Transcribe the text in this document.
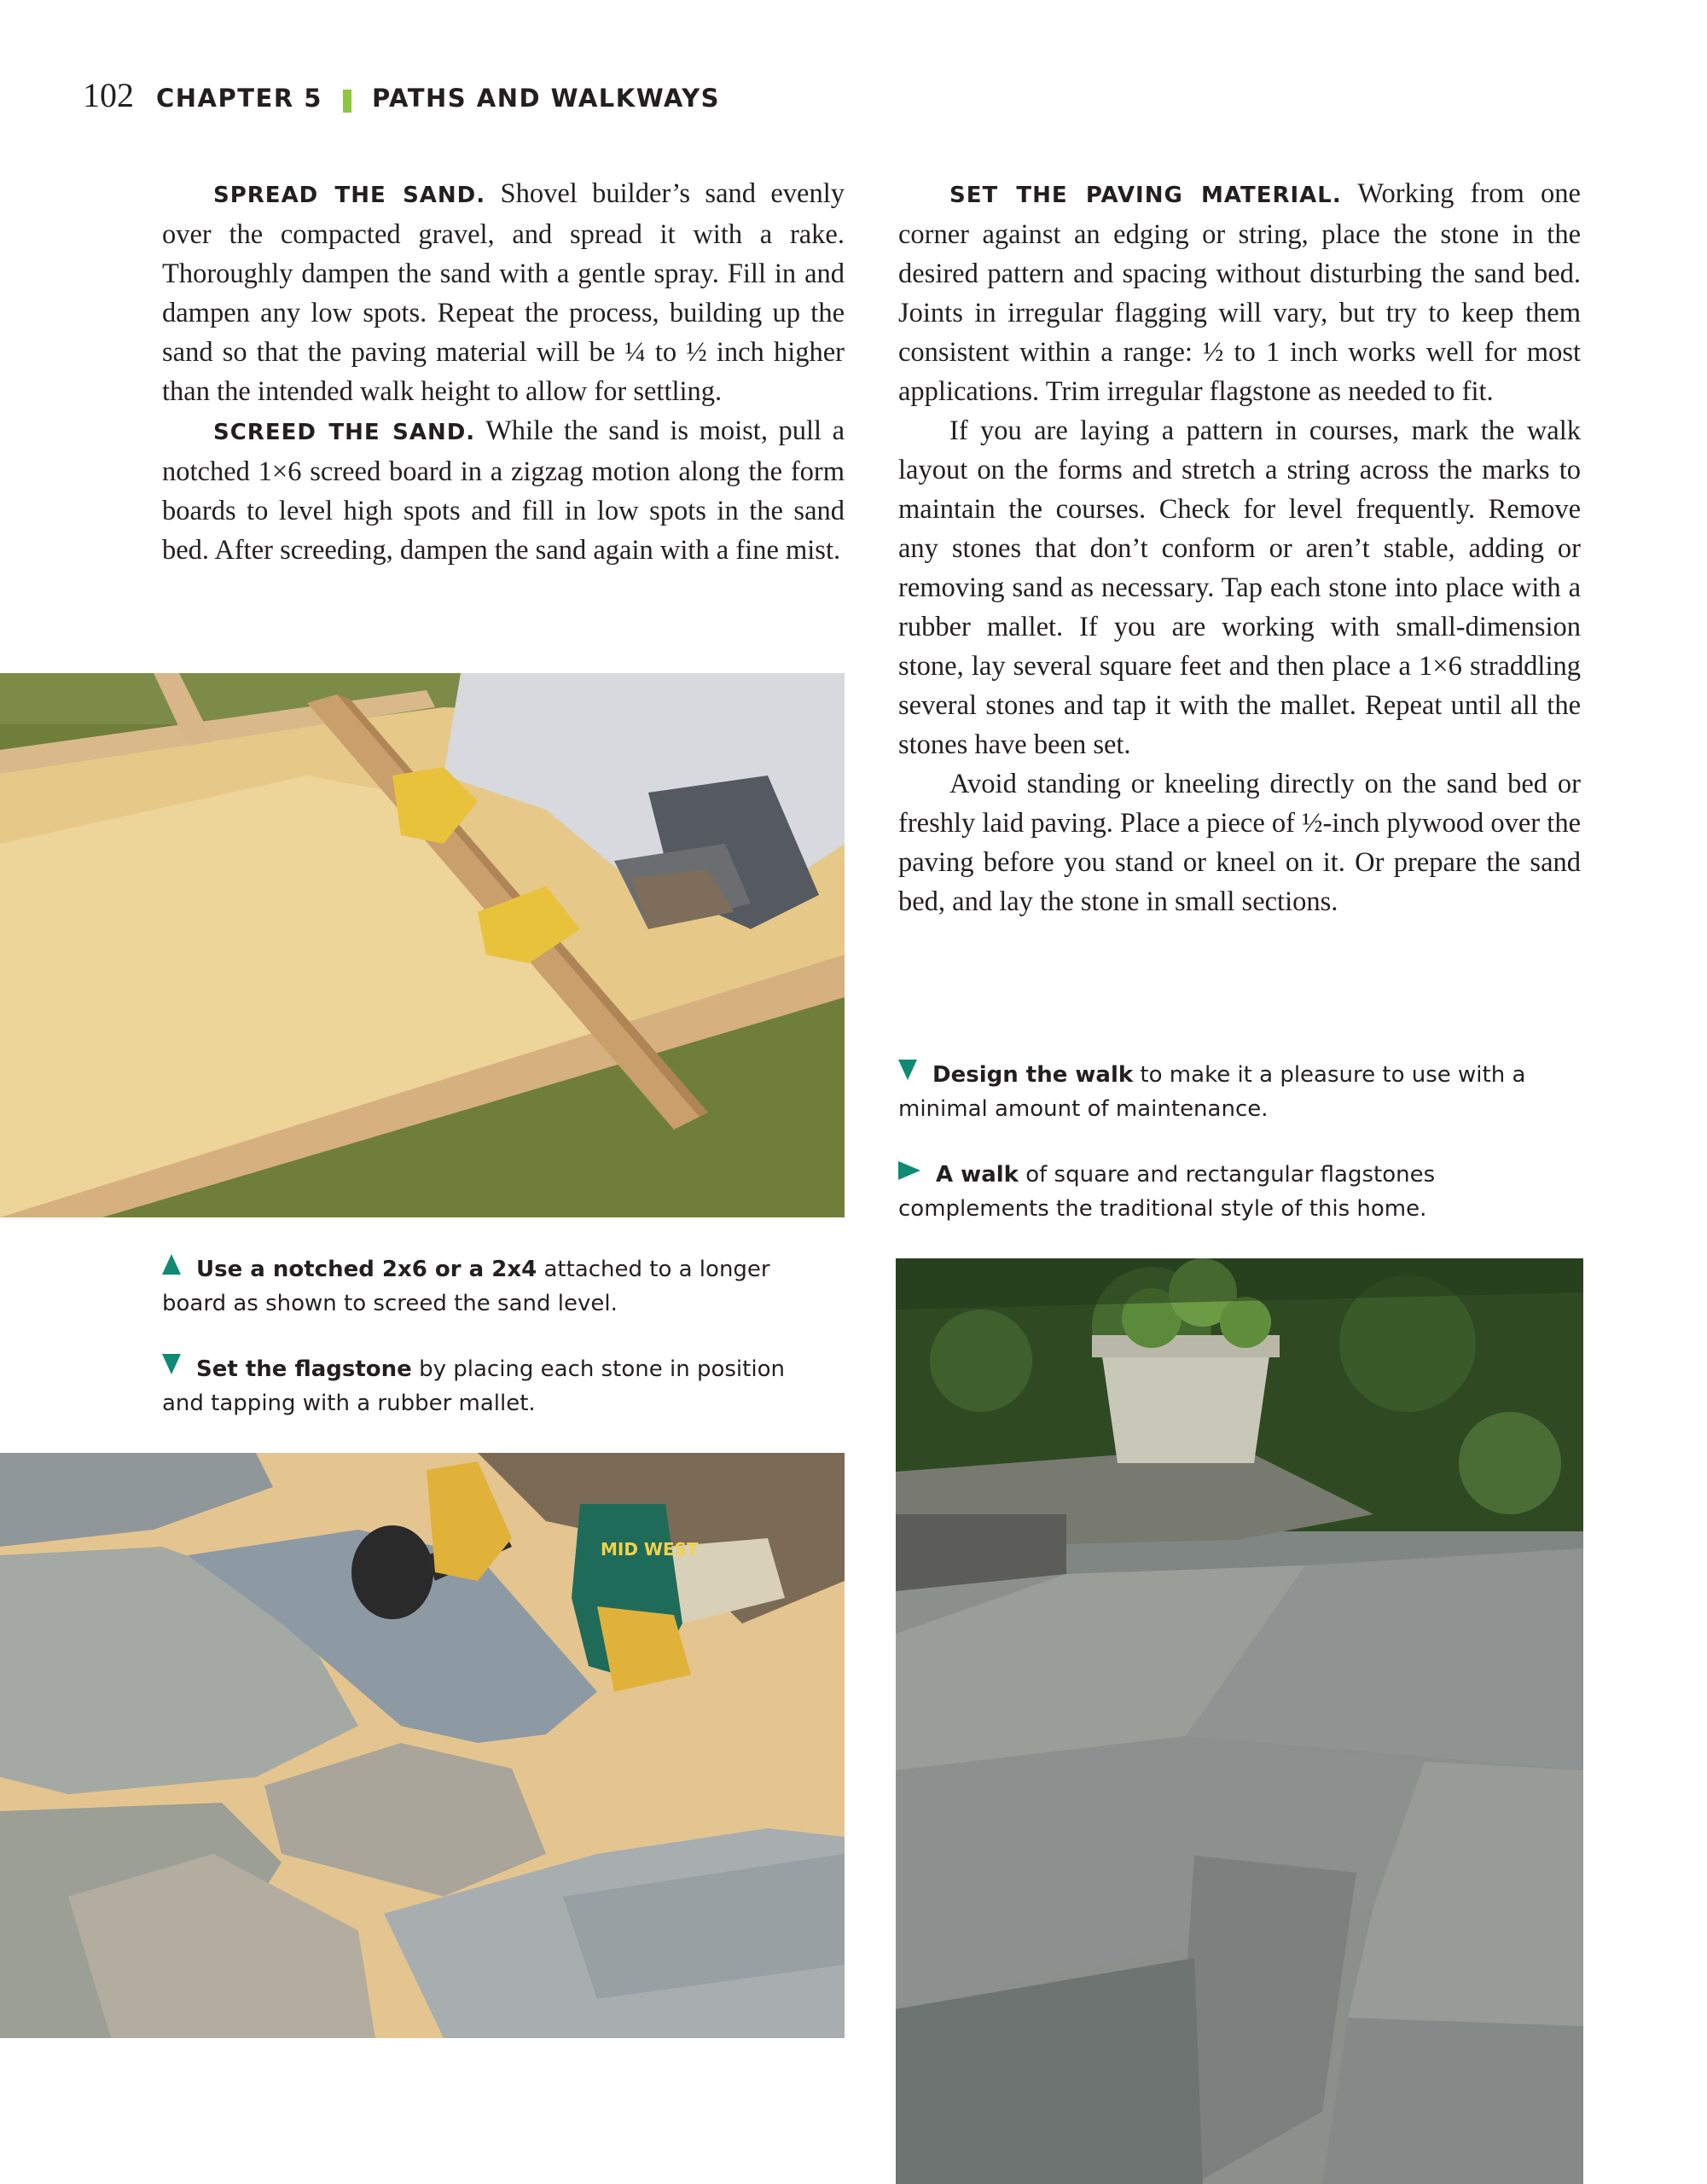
102 CHAPTER 5 PATHS AND WALKWAYS

SPREAD THE SAND. Shovel builder’s sand evenly over the compacted gravel, and spread it with a rake. Thoroughly dampen the sand with a gentle spray. Fill in and dampen any low spots. Repeat the process, building up the sand so that the paving material will be ¼ to ½ inch higher than the intended walk height to allow for settling.

SCREED THE SAND. While the sand is moist, pull a notched 1×6 screed board in a zigzag motion along the form boards to level high spots and fill in low spots in the sand bed. After screeding, dampen the sand again with a fine mist.

SET THE PAVING MATERIAL. Working from one corner against an edging or string, place the stone in the desired pattern and spacing without disturbing the sand bed. Joints in irregular flagging will vary, but try to keep them consistent within a range: ½ to 1 inch works well for most applications. Trim irregular flagstone as needed to fit.

If you are laying a pattern in courses, mark the walk layout on the forms and stretch a string across the marks to maintain the courses. Check for level frequently. Remove any stones that don’t conform or aren’t stable, adding or removing sand as necessary. Tap each stone into place with a rubber mallet. If you are working with small-dimension stone, lay several square feet and then place a 1×6 straddling several stones and tap it with the mallet. Repeat until all the stones have been set.

Avoid standing or kneeling directly on the sand bed or freshly laid paving. Place a piece of ½-inch plywood over the paving before you stand or kneel on it. Or prepare the sand bed, and lay the stone in small sections.

Use a notched 2x6 or a 2x4 attached to a longer board as shown to screed the sand level.
Set the flagstone by placing each stone in position and tapping with a rubber mallet.
MID WEST
Design the walk to make it a pleasure to use with a minimal amount of maintenance.
A walk of square and rectangular flagstones complements the traditional style of this home.
